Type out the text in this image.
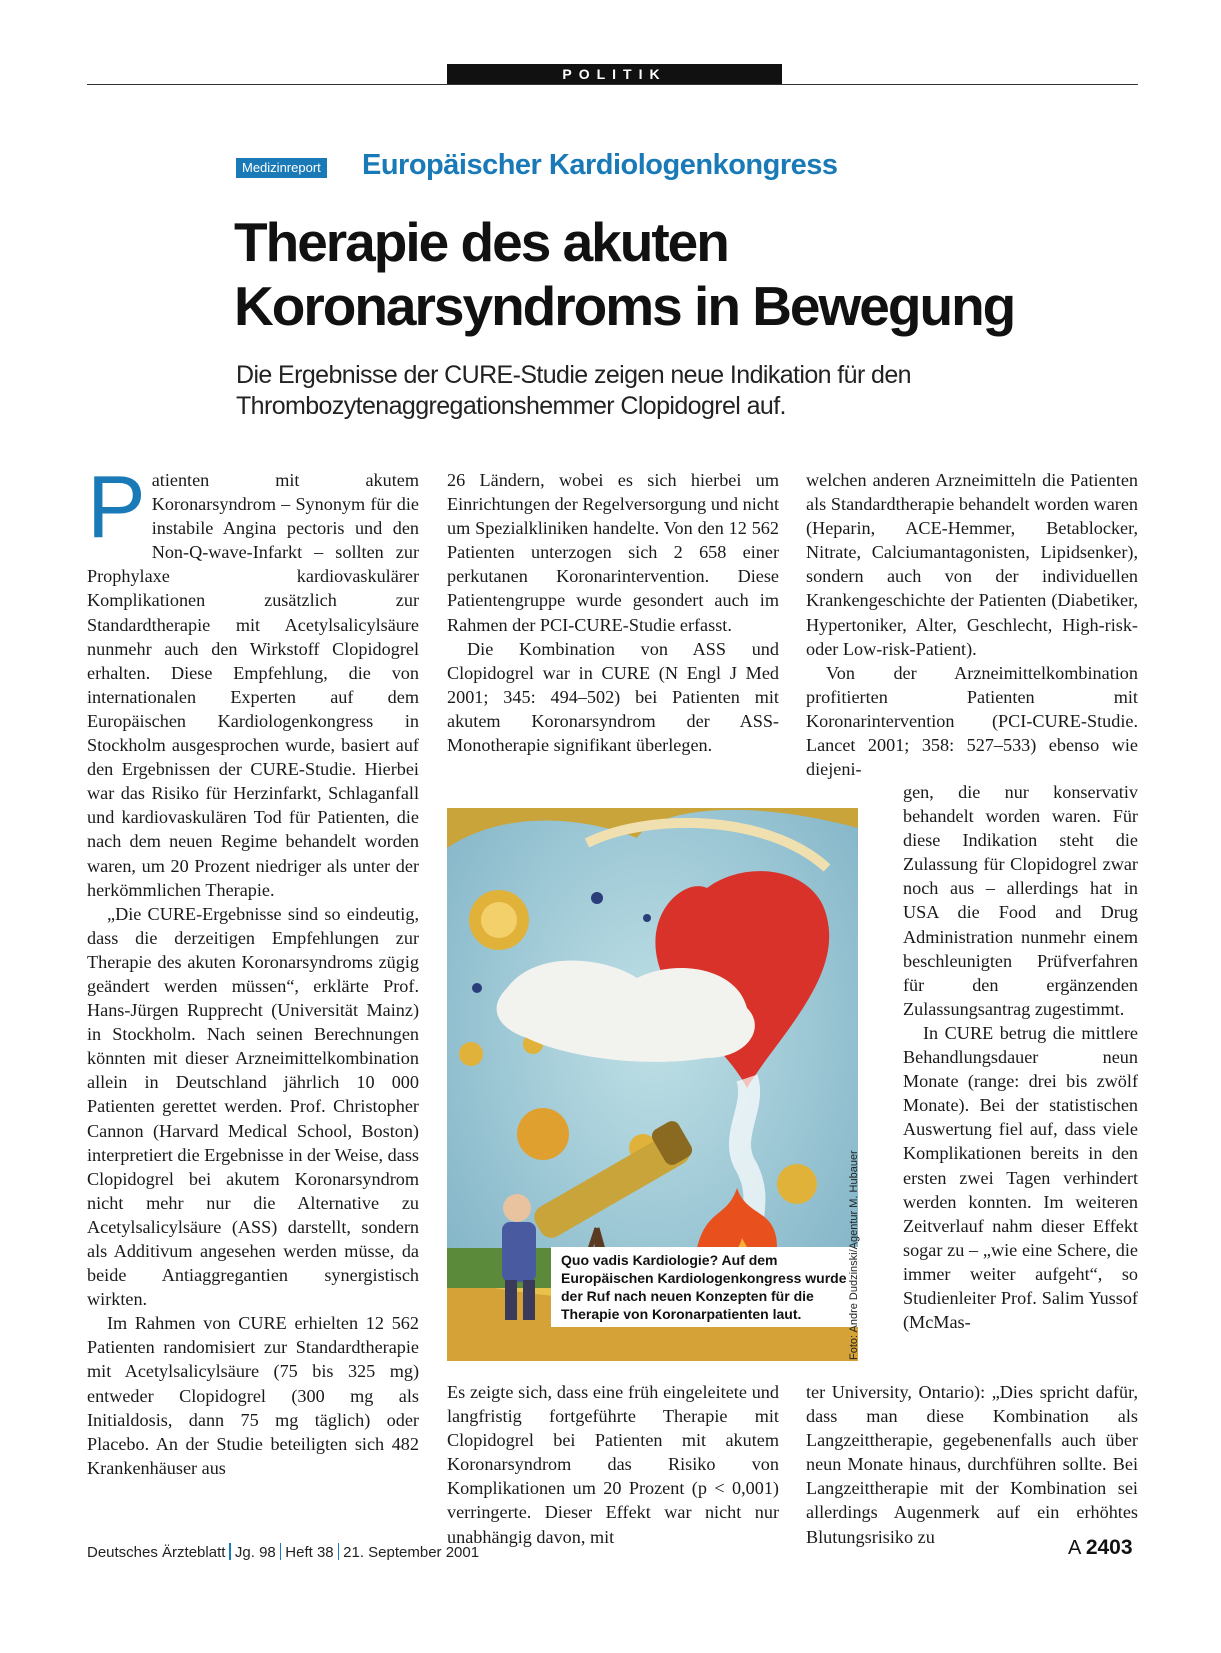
POLITIK
Medizinreport Europäischer Kardiologenkongress
Therapie des akuten
Koronarsyndroms in Bewegung
Die Ergebnisse der CURE-Studie zeigen neue Indikation für den
Thrombozytenaggregationshemmer Clopidogrel auf.

Patienten mit akutem Koronarsyndrom – Synonym für die instabile Angina pectoris und den Non-Q-wave-Infarkt – sollten zur Prophylaxe kardiovaskulärer Komplikationen zusätzlich zur Standardtherapie mit Acetylsalicylsäure nunmehr auch den Wirkstoff Clopidogrel erhalten. Diese Empfehlung, die von internationalen Experten auf dem Europäischen Kardiologenkongress in Stockholm ausgesprochen wurde, basiert auf den Ergebnissen der CURE-Studie. Hierbei war das Risiko für Herzinfarkt, Schlaganfall und kardiovaskulären Tod für Patienten, die nach dem neuen Regime behandelt worden waren, um 20 Prozent niedriger als unter der herkömmlichen Therapie.

„Die CURE-Ergebnisse sind so eindeutig, dass die derzeitigen Empfehlungen zur Therapie des akuten Koronarsyndroms zügig geändert werden müssen“, erklärte Prof. Hans-Jürgen Rupprecht (Universität Mainz) in Stockholm. Nach seinen Berechnungen könnten mit dieser Arzneimittelkombination allein in Deutschland jährlich 10 000 Patienten gerettet werden. Prof. Christopher Cannon (Harvard Medical School, Boston) interpretiert die Ergebnisse in der Weise, dass Clopidogrel bei akutem Koronarsyndrom nicht mehr nur die Alternative zu Acetylsalicylsäure (ASS) darstellt, sondern als Additivum angesehen werden müsse, da beide Antiaggregantien synergistisch wirkten.

Im Rahmen von CURE erhielten 12 562 Patienten randomisiert zur Standardtherapie mit Acetylsalicylsäure (75 bis 325 mg) entweder Clopidogrel (300 mg als Initialdosis, dann 75 mg täglich) oder Placebo. An der Studie beteiligten sich 482 Krankenhäuser aus

26 Ländern, wobei es sich hierbei um Einrichtungen der Regelversorgung und nicht um Spezialkliniken handelte. Von den 12 562 Patienten unterzogen sich 2 658 einer perkutanen Koronarintervention. Diese Patientengruppe wurde gesondert auch im Rahmen der PCI-CURE-Studie erfasst.

Die Kombination von ASS und Clopidogrel war in CURE (N Engl J Med 2001; 345: 494–502) bei Patienten mit akutem Koronarsyndrom der ASS-Monotherapie signifikant überlegen.

Quo vadis Kardiologie? Auf dem Europäischen Kardiologenkongress wurde der Ruf nach neuen Konzepten für die Therapie von Koronarpatienten laut.	Foto: Andre Dudzinski/Agentur M. Hubauer

Es zeigte sich, dass eine früh eingeleitete und langfristig fortgeführte Therapie mit Clopidogrel bei Patienten mit akutem Koronarsyndrom das Risiko von Komplikationen um 20 Prozent (p < 0,001) verringerte. Dieser Effekt war nicht nur unabhängig davon, mit

welchen anderen Arzneimitteln die Patienten als Standardtherapie behandelt worden waren (Heparin, ACE-Hemmer, Betablocker, Nitrate, Calciumantagonisten, Lipidsenker), sondern auch von der individuellen Krankengeschichte der Patienten (Diabetiker, Hypertoniker, Alter, Geschlecht, High-risk- oder Low-risk-Patient).

Von der Arzneimittelkombination profitierten Patienten mit Koronarintervention (PCI-CURE-Studie. Lancet 2001; 358: 527–533) ebenso wie diejeni-

gen, die nur konservativ behandelt worden waren. Für diese Indikation steht die Zulassung für Clopidogrel zwar noch aus – allerdings hat in USA die Food and Drug Administration nunmehr einem beschleunigten Prüfverfahren für den ergänzenden Zulassungsantrag zugestimmt.

In CURE betrug die mittlere Behandlungsdauer neun Monate (range: drei bis zwölf Monate). Bei der statistischen Auswertung fiel auf, dass viele Komplikationen bereits in den ersten zwei Tagen verhindert werden konnten. Im weiteren Zeitverlauf nahm dieser Effekt sogar zu – „wie eine Schere, die immer weiter aufgeht“, so Studienleiter Prof. Salim Yussof (McMas-

ter University, Ontario): „Dies spricht dafür, dass man diese Kombination als Langzeittherapie, gegebenenfalls auch über neun Monate hinaus, durchführen sollte. Bei Langzeittherapie mit der Kombination sei allerdings Augenmerk auf ein erhöhtes Blutungsrisiko zu

Deutsches Ärzteblatt Jg. 98 Heft 38 21. September 2001	A 2403
